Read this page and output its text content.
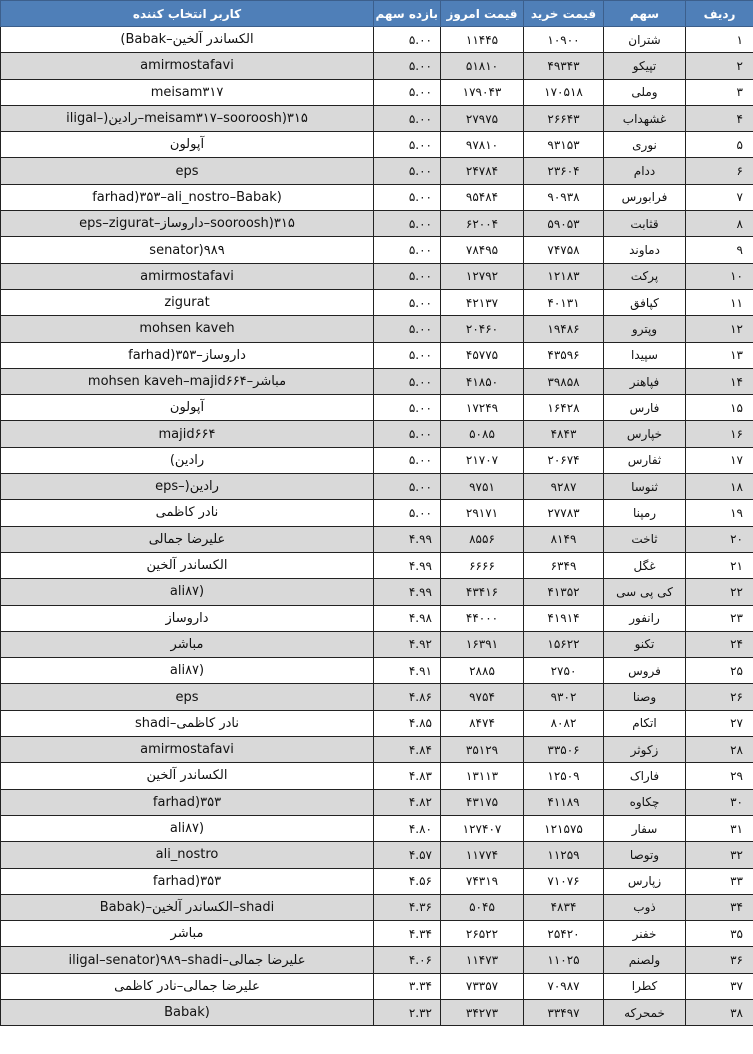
ردیف	سهم	قیمت خرید	قیمت امروز	بازده سهم	کاربر انتخاب کننده
۱	شتران	۱۰۹۰۰	۱۱۴۴۵	۵.۰۰	الکساندر آلخین–Babak)
۲	تپیکو	۴۹۳۴۳	۵۱۸۱۰	۵.۰۰	amirmostafavi
۳	وملی	۱۷۰۵۱۸	۱۷۹۰۴۳	۵.۰۰	meisam۳۱۷
۴	غشهداب	۲۶۶۴۳	۲۷۹۷۵	۵.۰۰	iligal–)رادین–meisam۳۱۷–sooroosh)۳۱۵
۵	نوری	۹۳۱۵۳	۹۷۸۱۰	۵.۰۰	آپولون
۶	ددام	۲۳۶۰۴	۲۴۷۸۴	۵.۰۰	eps
۷	فرابورس	۹۰۹۳۸	۹۵۴۸۴	۵.۰۰	farhad)۳۵۳–ali_nostro–Babak)
۸	قثابت	۵۹۰۵۳	۶۲۰۰۴	۵.۰۰	eps–zigurat–داروساز–sooroosh)۳۱۵
۹	دماوند	۷۴۷۵۸	۷۸۴۹۵	۵.۰۰	senator)۹۸۹
۱۰	پرکت	۱۲۱۸۳	۱۲۷۹۲	۵.۰۰	amirmostafavi
۱۱	کپافق	۴۰۱۳۱	۴۲۱۳۷	۵.۰۰	zigurat
۱۲	وپترو	۱۹۴۸۶	۲۰۴۶۰	۵.۰۰	mohsen kaveh
۱۳	سپیدا	۴۳۵۹۶	۴۵۷۷۵	۵.۰۰	farhad)۳۵۳–داروساز
۱۴	فپاهنر	۳۹۸۵۸	۴۱۸۵۰	۵.۰۰	mohsen kaveh–majid۶۶۴–مباشر
۱۵	فارس	۱۶۴۲۸	۱۷۲۴۹	۵.۰۰	آپولون
۱۶	خپارس	۴۸۴۳	۵۰۸۵	۵.۰۰	majid۶۶۴
۱۷	ثفارس	۲۰۶۷۴	۲۱۷۰۷	۵.۰۰	رادین)
۱۸	ثنوسا	۹۲۸۷	۹۷۵۱	۵.۰۰	eps–)رادین
۱۹	رمپنا	۲۷۷۸۳	۲۹۱۷۱	۵.۰۰	نادر کاظمی
۲۰	ثاخت	۸۱۴۹	۸۵۵۶	۴.۹۹	علیرضا جمالی
۲۱	غگل	۶۳۴۹	۶۶۶۶	۴.۹۹	الکساندر آلخین
۲۲	کی پی سی	۴۱۳۵۲	۴۳۴۱۶	۴.۹۹	ali۸۷)
۲۳	رانفور	۴۱۹۱۴	۴۴۰۰۰	۴.۹۸	داروساز
۲۴	تکنو	۱۵۶۲۲	۱۶۳۹۱	۴.۹۲	مباشر
۲۵	فروس	۲۷۵۰	۲۸۸۵	۴.۹۱	ali۸۷)
۲۶	وصنا	۹۳۰۲	۹۷۵۴	۴.۸۶	eps
۲۷	اتکام	۸۰۸۲	۸۴۷۴	۴.۸۵	shadi–نادر کاظمی
۲۸	زکوثر	۳۳۵۰۶	۳۵۱۲۹	۴.۸۴	amirmostafavi
۲۹	فاراک	۱۲۵۰۹	۱۳۱۱۳	۴.۸۳	الکساندر آلخین
۳۰	چکاوه	۴۱۱۸۹	۴۳۱۷۵	۴.۸۲	farhad)۳۵۳
۳۱	سفار	۱۲۱۵۷۵	۱۲۷۴۰۷	۴.۸۰	ali۸۷)
۳۲	وتوصا	۱۱۲۵۹	۱۱۷۷۴	۴.۵۷	ali_nostro
۳۳	زپارس	۷۱۰۷۶	۷۴۳۱۹	۴.۵۶	farhad)۳۵۳
۳۴	ذوب	۴۸۳۴	۵۰۴۵	۴.۳۶	Babak)–الکساندر آلخین–shadi
۳۵	خفنر	۲۵۴۲۰	۲۶۵۲۲	۴.۳۴	مباشر
۳۶	ولصنم	۱۱۰۲۵	۱۱۴۷۳	۴.۰۶	iligal–senator)۹۸۹–shadi–علیرضا جمالی
۳۷	کطرا	۷۰۹۸۷	۷۳۳۵۷	۳.۳۴	علیرضا جمالی–نادر کاظمی
۳۸	خمحرکه	۳۳۴۹۷	۳۴۲۷۳	۲.۳۲	Babak)
